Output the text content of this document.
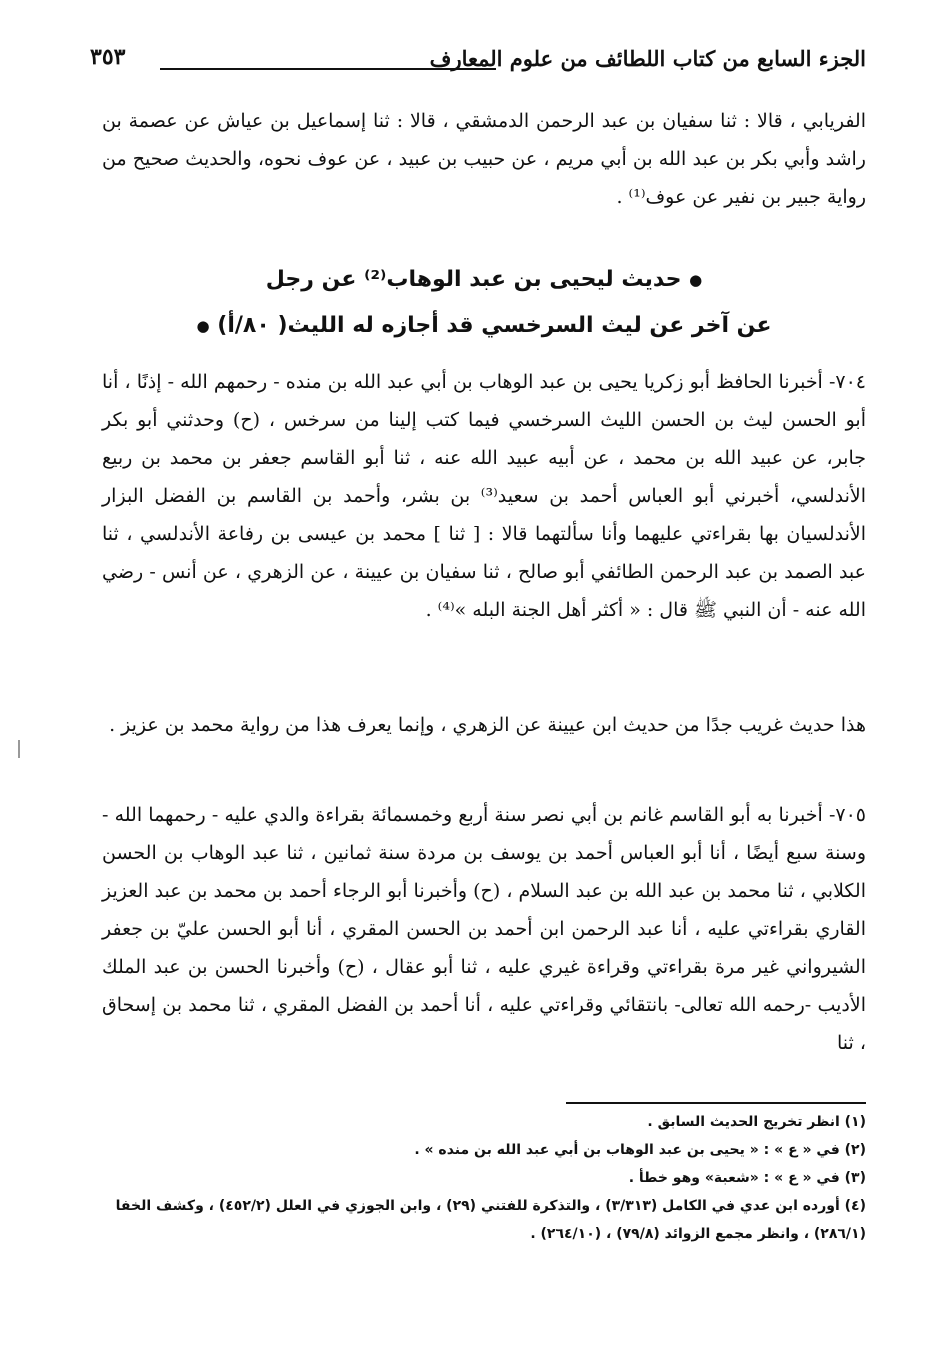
الجزء السابع من كتاب اللطائف من علوم المعارف
٣٥٣

الفريابي ، قالا : ثنا سفيان بن عبد الرحمن الدمشقي ، قالا : ثنا إسماعيل بن عياش عن عصمة بن راشد وأبي بكر بن عبد الله بن أبي مريم ، عن حبيب بن عبيد ، عن عوف نحوه، والحديث صحيح من رواية جبير بن نفير عن عوف⁽¹⁾ .

● حديث ليحيى بن عبد الوهاب⁽²⁾ عن رجل
عن آخر عن ليث السرخسي قد أجازه له الليث( ٨٠/أ) ●

٧٠٤- أخبرنا الحافظ أبو زكريا يحيى بن عبد الوهاب بن أبي عبد الله بن منده - رحمهم الله - إذنًا ، أنا أبو الحسن ليث بن الحسن الليث السرخسي فيما كتب إلينا من سرخس ، (ح) وحدثني أبو بكر جابر، عن عبيد الله بن محمد ، عن أبيه عبيد الله عنه ، ثنا أبو القاسم جعفر بن محمد بن ربيع الأندلسي، أخبرني أبو العباس أحمد بن سعيد⁽³⁾ بن بشر، وأحمد بن القاسم بن الفضل البزار الأندلسيان بها بقراءتي عليهما وأنا سألتهما قالا : [ ثنا ] محمد بن عيسى بن رفاعة الأندلسي ، ثنا عبد الصمد بن عبد الرحمن الطائفي أبو صالح ، ثنا سفيان بن عيينة ، عن الزهري ، عن أنس - رضي الله عنه - أن النبي ﷺ قال : « أكثر أهل الجنة البله »⁽⁴⁾ .

هذا حديث غريب جدًا من حديث ابن عيينة عن الزهري ، وإنما يعرف هذا من رواية محمد بن عزيز .

٧٠٥- أخبرنا به أبو القاسم غانم بن أبي نصر سنة أربع وخمسمائة بقراءة والدي عليه - رحمهما الله - وسنة سبع أيضًا ، أنا أبو العباس أحمد بن يوسف بن مردة سنة ثمانين ، ثنا عبد الوهاب بن الحسن الكلابي ، ثنا محمد بن عبد الله بن عبد السلام ، (ح) وأخبرنا أبو الرجاء أحمد بن محمد بن عبد العزيز القاري بقراءتي عليه ، أنا عبد الرحمن ابن أحمد بن الحسن المقري ، أنا أبو الحسن عليّ بن جعفر الشيرواني غير مرة بقراءتي وقراءة غيري عليه ، ثنا أبو عقال ، (ح) وأخبرنا الحسن بن عبد الملك الأديب -رحمه الله تعالى- بانتقائي وقراءتي عليه ، أنا أحمد بن الفضل المقري ، ثنا محمد بن إسحاق ، ثنا

(١) انظر تخريج الحديث السابق .

(٢) في « ع » : « يحيى بن عبد الوهاب بن أبي عبد الله بن منده » .

(٣) في « ع » : «شعبة» وهو خطأ .

(٤) أورده ابن عدي في الكامل (٣/٣١٣) ، والتذكرة للفتني (٢٩) ، وابن الجوزي في العلل (٤٥٢/٢) ، وكشف الخفا (٢٨٦/١) ، وانظر مجمع الزوائد (٧٩/٨) ، (٢٦٤/١٠) .
